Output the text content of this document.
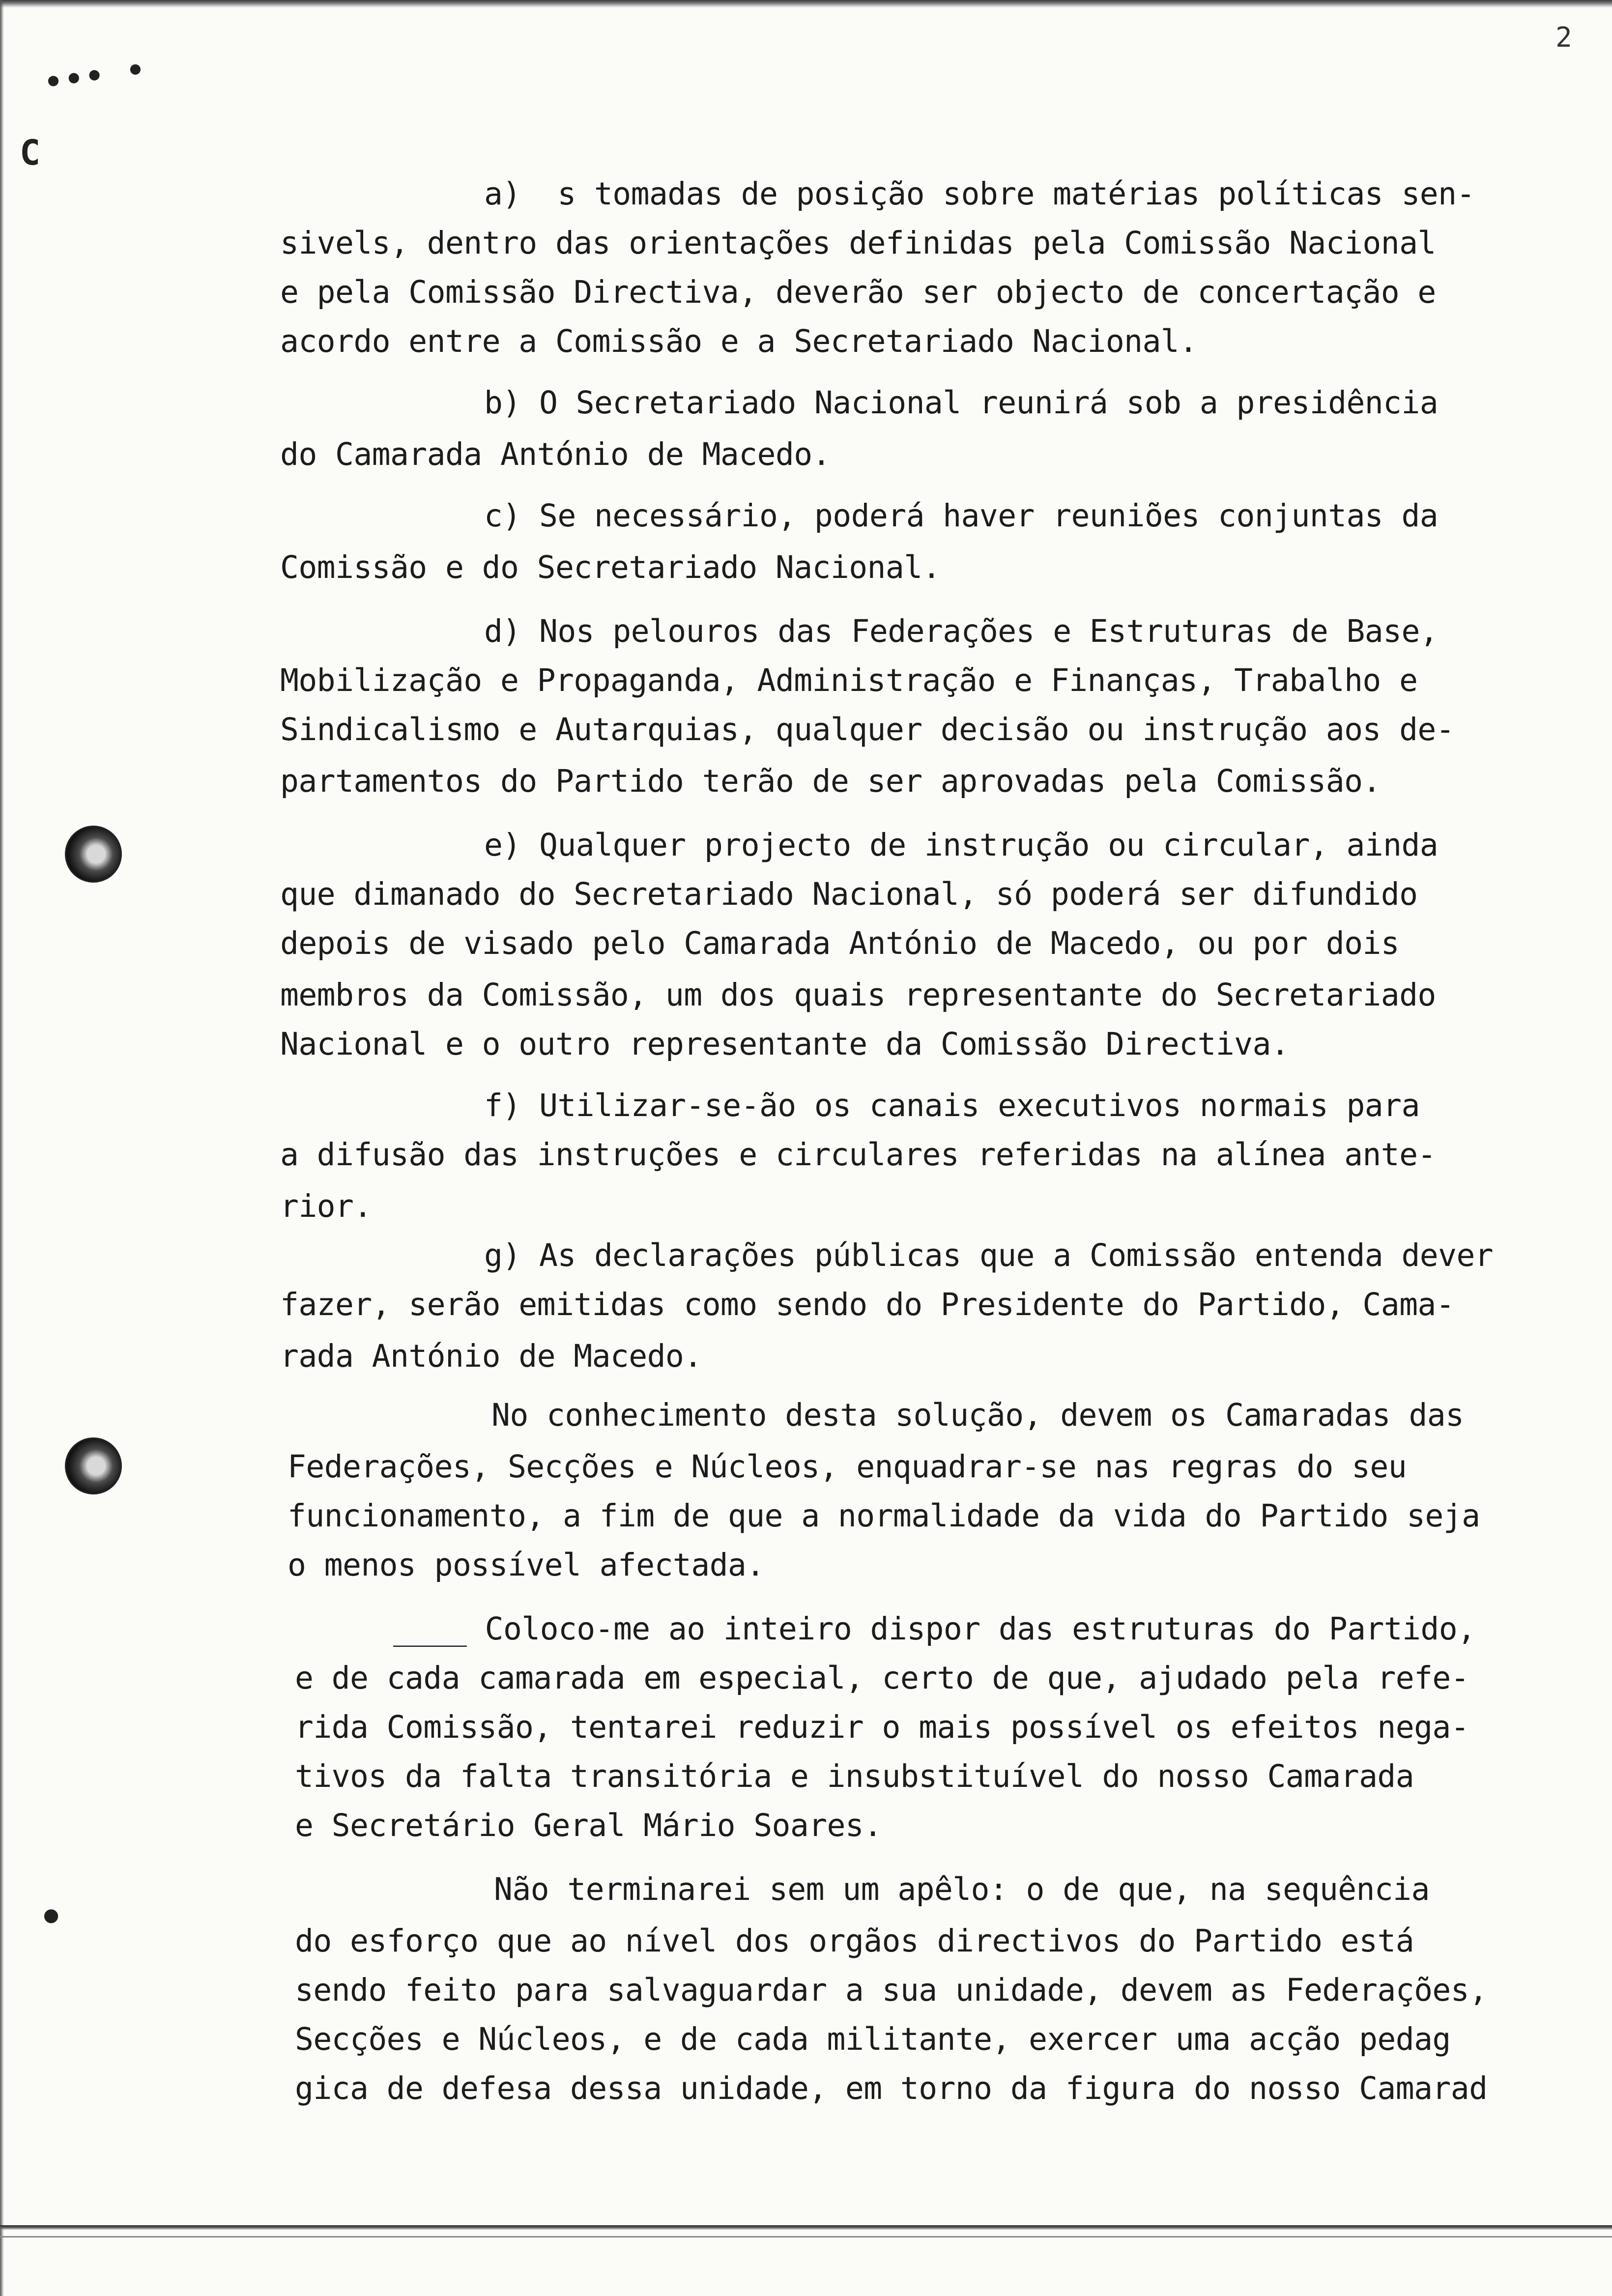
••• •
C
•
2
a)  s tomadas de posição sobre matérias políticas sen-
sivels, dentro das orientações definidas pela Comissão Nacional
e pela Comissão Directiva, deverão ser objecto de concertação e
acordo entre a Comissão e a Secretariado Nacional.
b) O Secretariado Nacional reunirá sob a presidência
do Camarada António de Macedo.
c) Se necessário, poderá haver reuniões conjuntas da
Comissão e do Secretariado Nacional.
d) Nos pelouros das Federações e Estruturas de Base,
Mobilização e Propaganda, Administração e Finanças, Trabalho e
Sindicalismo e Autarquias, qualquer decisão ou instrução aos de-
partamentos do Partido terão de ser aprovadas pela Comissão.
e) Qualquer projecto de instrução ou circular, ainda
que dimanado do Secretariado Nacional, só poderá ser difundido
depois de visado pelo Camarada António de Macedo, ou por dois
membros da Comissão, um dos quais representante do Secretariado
Nacional e o outro representante da Comissão Directiva.
f) Utilizar-se-ão os canais executivos normais para
a difusão das instruções e circulares referidas na alínea ante-
rior.
g) As declarações públicas que a Comissão entenda dever
fazer, serão emitidas como sendo do Presidente do Partido, Cama-
rada António de Macedo.
No conhecimento desta solução, devem os Camaradas das
Federações, Secções e Núcleos, enquadrar-se nas regras do seu
funcionamento, a fim de que a normalidade da vida do Partido seja
o menos possível afectada.
____ Coloco-me ao inteiro dispor das estruturas do Partido,
e de cada camarada em especial, certo de que, ajudado pela refe-
rida Comissão, tentarei reduzir o mais possível os efeitos nega-
tivos da falta transitória e insubstituível do nosso Camarada
e Secretário Geral Mário Soares.
Não terminarei sem um apêlo: o de que, na sequência
do esforço que ao nível dos orgãos directivos do Partido está
sendo feito para salvaguardar a sua unidade, devem as Federações,
Secções e Núcleos, e de cada militante, exercer uma acção pedag
gica de defesa dessa unidade, em torno da figura do nosso Camarad
